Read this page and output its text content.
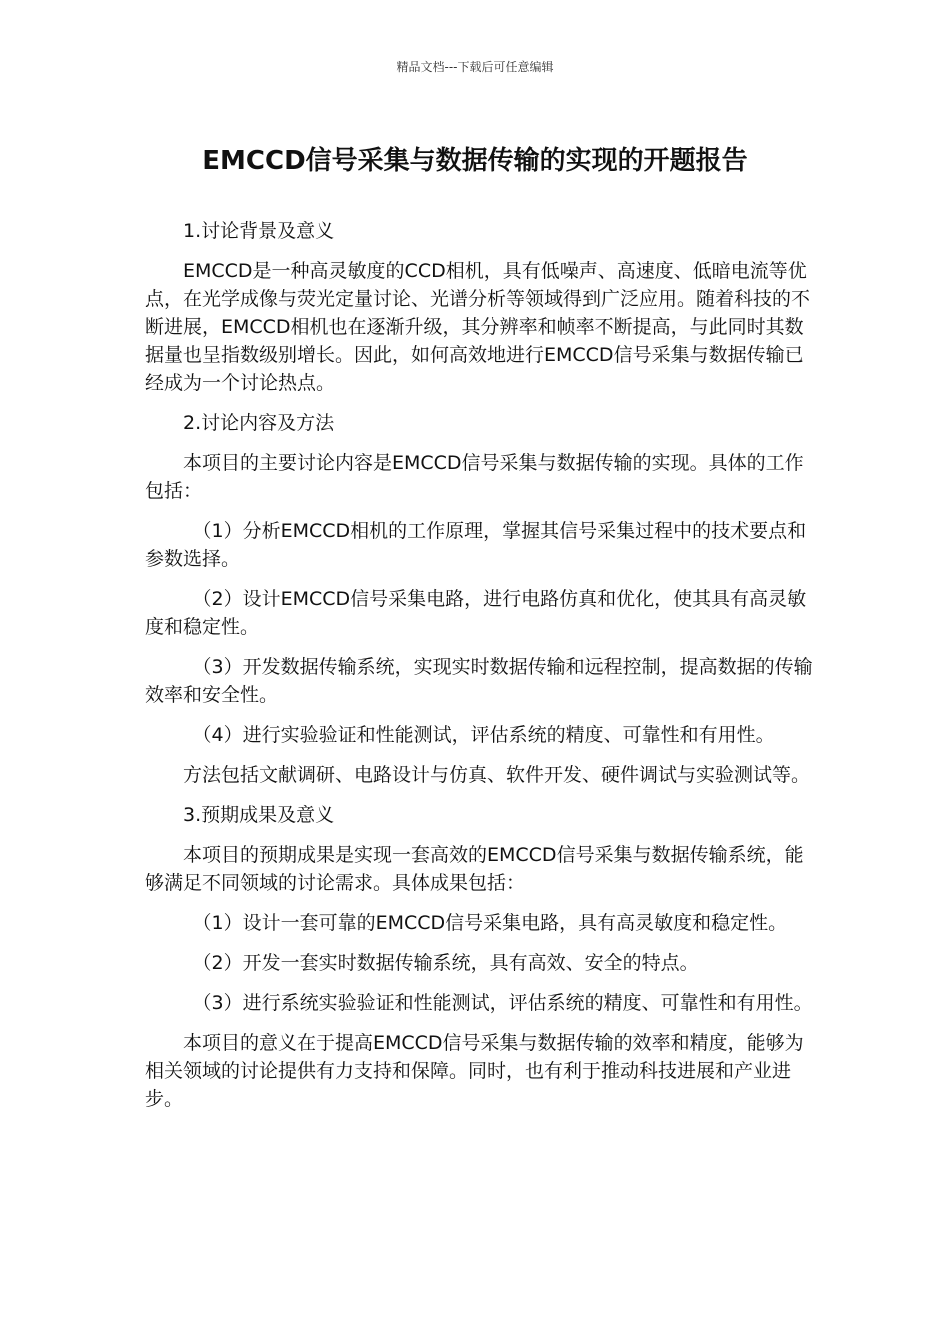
精品文档---下载后可任意编辑
EMCCD信号采集与数据传输的实现的开题报告

1.讨论背景及意义

EMCCD是一种高灵敏度的CCD相机，具有低噪声、高速度、低暗电流等优点，在光学成像与荧光定量讨论、光谱分析等领域得到广泛应用。随着科技的不断进展，EMCCD相机也在逐渐升级，其分辨率和帧率不断提高，与此同时其数据量也呈指数级别增长。因此，如何高效地进行EMCCD信号采集与数据传输已经成为一个讨论热点。

2.讨论内容及方法

本项目的主要讨论内容是EMCCD信号采集与数据传输的实现。具体的工作包括：

（1）分析EMCCD相机的工作原理，掌握其信号采集过程中的技术要点和参数选择。

（2）设计EMCCD信号采集电路，进行电路仿真和优化，使其具有高灵敏度和稳定性。

（3）开发数据传输系统，实现实时数据传输和远程控制，提高数据的传输效率和安全性。

（4）进行实验验证和性能测试，评估系统的精度、可靠性和有用性。

方法包括文献调研、电路设计与仿真、软件开发、硬件调试与实验测试等。

3.预期成果及意义

本项目的预期成果是实现一套高效的EMCCD信号采集与数据传输系统，能够满足不同领域的讨论需求。具体成果包括：

（1）设计一套可靠的EMCCD信号采集电路，具有高灵敏度和稳定性。

（2）开发一套实时数据传输系统，具有高效、安全的特点。

（3）进行系统实验验证和性能测试，评估系统的精度、可靠性和有用性。

本项目的意义在于提高EMCCD信号采集与数据传输的效率和精度，能够为相关领域的讨论提供有力支持和保障。同时，也有利于推动科技进展和产业进步。
